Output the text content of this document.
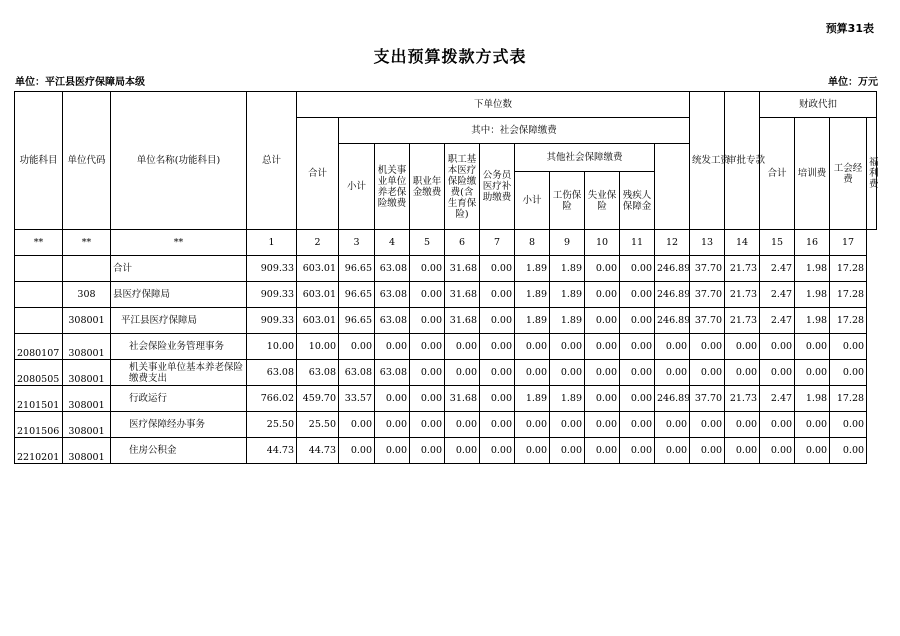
预算31表
支出预算拨款方式表
单位：平江县医疗保障局本级	单位：万元
功能科目	单位代码	单位名称(功能科目)	总计	下单位数											统发工资	审批专款	财政代扣			
				合计	其中：社会保障缴费												合计	培训费	工会经费	福利费
					小计	机关事业单位养老保险缴费	职业年金缴费	职工基本医疗保险缴费(含生育保险)	公务员医疗补助缴费	其他社会保障缴费										
										小计	工伤保险	失业保险	残疾人保障金							
**	**	**	1	2	3	4	5	6	7	8	9	10	11	12	13	14	15	16	17	
		合计	909.33	603.01	96.65	63.08	0.00	31.68	0.00	1.89	1.89	0.00	0.00	246.89	37.70	21.73	2.47	1.98	17.28	
	308	县医疗保障局	909.33	603.01	96.65	63.08	0.00	31.68	0.00	1.89	1.89	0.00	0.00	246.89	37.70	21.73	2.47	1.98	17.28	
	308001	平江县医疗保障局	909.33	603.01	96.65	63.08	0.00	31.68	0.00	1.89	1.89	0.00	0.00	246.89	37.70	21.73	2.47	1.98	17.28	
2080107	308001	社会保险业务管理事务	10.00	10.00	0.00	0.00	0.00	0.00	0.00	0.00	0.00	0.00	0.00	0.00	0.00	0.00	0.00	0.00	0.00	
2080505	308001	机关事业单位基本养老保险缴费支出	63.08	63.08	63.08	63.08	0.00	0.00	0.00	0.00	0.00	0.00	0.00	0.00	0.00	0.00	0.00	0.00	0.00	
2101501	308001	行政运行	766.02	459.70	33.57	0.00	0.00	31.68	0.00	1.89	1.89	0.00	0.00	246.89	37.70	21.73	2.47	1.98	17.28	
2101506	308001	医疗保障经办事务	25.50	25.50	0.00	0.00	0.00	0.00	0.00	0.00	0.00	0.00	0.00	0.00	0.00	0.00	0.00	0.00	0.00	
2210201	308001	住房公积金	44.73	44.73	0.00	0.00	0.00	0.00	0.00	0.00	0.00	0.00	0.00	0.00	0.00	0.00	0.00	0.00	0.00	
